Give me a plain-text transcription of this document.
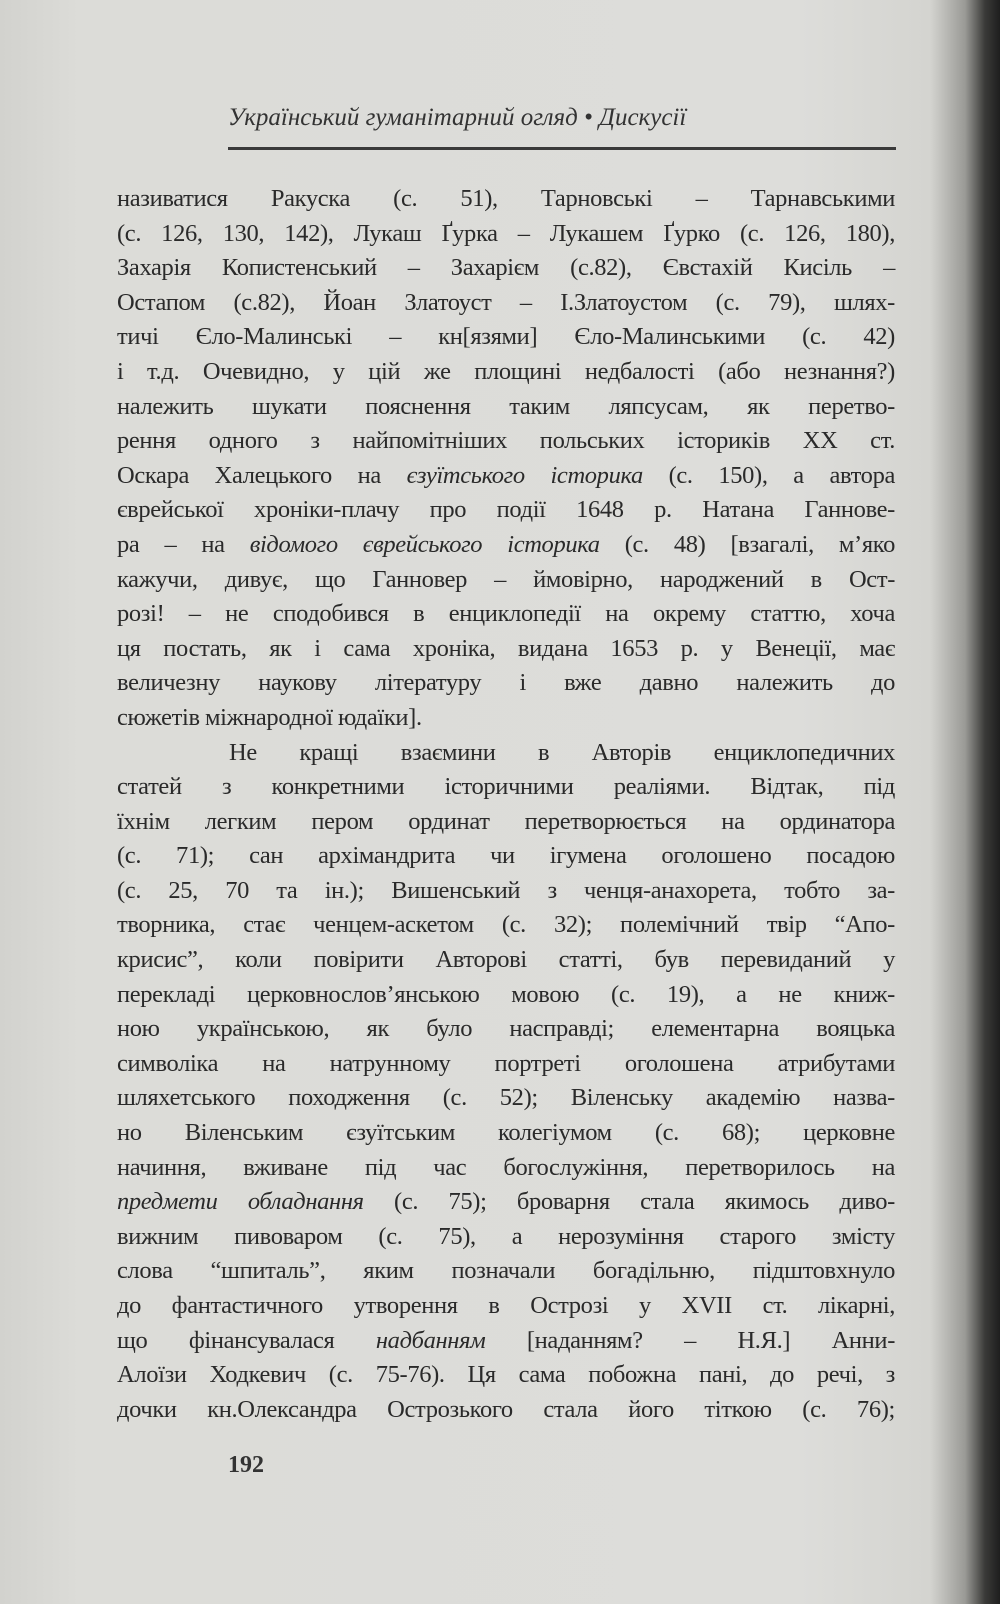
Український гуманітарний огляд • Дискусії
називатися Ракуска (с. 51), Тарновські – Тарнавськими
(с. 126, 130, 142), Лукаш Ґурка – Лукашем Ґурко (с. 126, 180),
Захарія Копистенський – Захарієм (с.82), Євстахій Кисіль –
Остапом (с.82), Йоан Златоуст – І.Златоустом (с. 79), шлях-
тичі Єло-Малинські – кн[язями] Єло-Малинськими (с. 42)
і т.д. Очевидно, у цій же площині недбалості (або незнання?)
належить шукати пояснення таким ляпсусам, як перетво-
рення одного з найпомітніших польських істориків XX ст.
Оскара Халецького на єзуїтського історика (с. 150), а автора
єврейської хроніки-плачу про події 1648 р. Натана Ганнове-
ра – на відомого єврейського історика (с. 48) [взагалі, м’яко
кажучи, дивує, що Ганновер – ймовірно, народжений в Ост-
розі! – не сподобився в енциклопедії на окрему статтю, хоча
ця постать, як і сама хроніка, видана 1653 р. у Венеції, має
величезну наукову літературу і вже давно належить до
сюжетів міжнародної юдаїки].
Не кращі взаємини в Авторів енциклопедичних
статей з конкретними історичними реаліями. Відтак, під
їхнім легким пером ординат перетворюється на ординатора
(с. 71); сан архімандрита чи ігумена оголошено посадою
(с. 25, 70 та ін.); Вишенський з ченця-анахорета, тобто за-
творника, стає ченцем-аскетом (с. 32); полемічний твір “Апо-
крисис”, коли повірити Авторові статті, був перевиданий у
перекладі церковнослов’янською мовою (с. 19), а не книж-
ною українською, як було насправді; елементарна вояцька
символіка на натрунному портреті оголошена атрибутами
шляхетського походження (с. 52); Віленську академію назва-
но Віленським єзуїтським колегіумом (с. 68); церковне
начиння, вживане під час богослужіння, перетворилось на
предмети обладнання (с. 75); броварня стала якимось диво-
вижним пивоваром (с. 75), а нерозуміння старого змісту
слова “шпиталь”, яким позначали богадільню, підштовхнуло
до фантастичного утворення в Острозі у XVII ст. лікарні,
що фінансувалася надбанням [наданням? – Н.Я.] Анни-
Алоїзи Ходкевич (с. 75-76). Ця сама побожна пані, до речі, з
дочки кн.Олександра Острозького стала його тіткою (с. 76);
192
